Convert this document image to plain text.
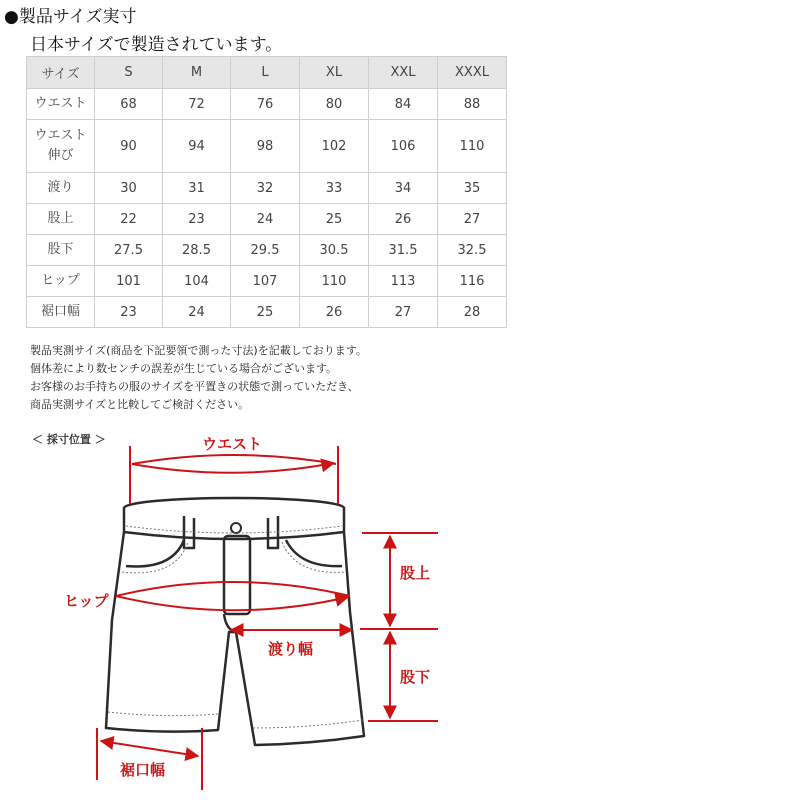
●製品サイズ実寸
日本サイズで製造されています。
サイズ	S	M	L	XL	XXL	XXXL
ウエスト	68	72	76	80	84	88
ウエスト
伸び	90	94	98	102	106	110
渡り	30	31	32	33	34	35
股上	22	23	24	25	26	27
股下	27.5	28.5	29.5	30.5	31.5	32.5
ヒップ	101	104	107	110	113	116
裾口幅	23	24	25	26	27	28
製品実測サイズ(商品を下記要領で測った寸法)を記載しております。
個体差により数センチの誤差が生じている場合がございます。
お客様のお手持ちの服のサイズを平置きの状態で測っていただき、
商品実測サイズと比較してご検討ください。
＜ 採寸位置 ＞	ウエスト
ヒップ
渡り幅
股上
股下
裾口幅
